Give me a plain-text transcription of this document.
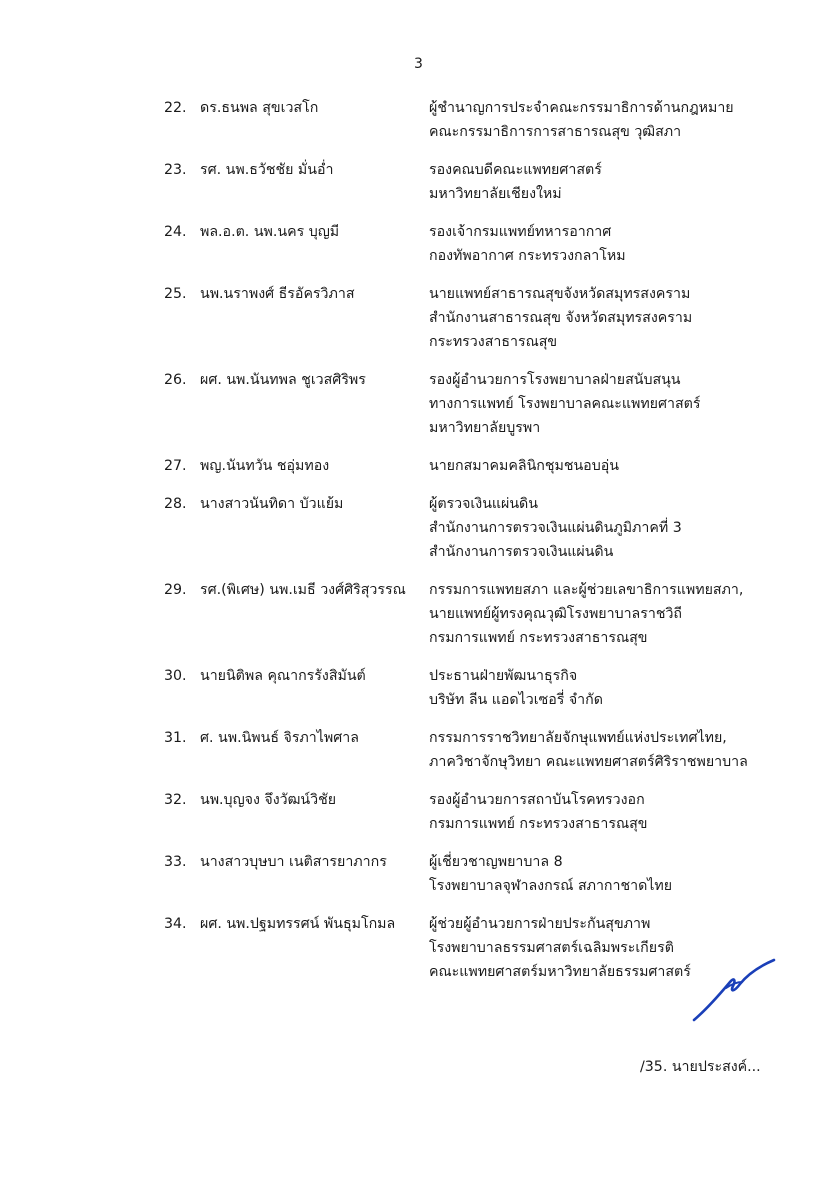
3
22. ดร.ธนพล สุขเวสโก	ผู้ชำนาญการประจำคณะกรรมาธิการด้านกฎหมาย
คณะกรรมาธิการการสาธารณสุข วุฒิสภา
23. รศ. นพ.ธวัชชัย มั่นอ่ำ	รองคณบดีคณะแพทยศาสตร์
มหาวิทยาลัยเชียงใหม่
24. พล.อ.ต. นพ.นคร บุญมี	รองเจ้ากรมแพทย์ทหารอากาศ
กองทัพอากาศ กระทรวงกลาโหม
25. นพ.นราพงศ์ ธีรอัครวิภาส	นายแพทย์สาธารณสุขจังหวัดสมุทรสงคราม
สำนักงานสาธารณสุข จังหวัดสมุทรสงคราม
กระทรวงสาธารณสุข
26. ผศ. นพ.นันทพล ชูเวสศิริพร	รองผู้อำนวยการโรงพยาบาลฝ่ายสนับสนุน
ทางการแพทย์ โรงพยาบาลคณะแพทยศาสตร์
มหาวิทยาลัยบูรพา
27. พญ.นันทวัน ชอุ่มทอง	นายกสมาคมคลินิกชุมชนอบอุ่น
28. นางสาวนันทิดา บัวแย้ม	ผู้ตรวจเงินแผ่นดิน
สำนักงานการตรวจเงินแผ่นดินภูมิภาคที่ 3
สำนักงานการตรวจเงินแผ่นดิน
29. รศ.(พิเศษ) นพ.เมธี วงศ์ศิริสุวรรณ	กรรมการแพทยสภา และผู้ช่วยเลขาธิการแพทยสภา,
นายแพทย์ผู้ทรงคุณวุฒิโรงพยาบาลราชวิถี
กรมการแพทย์ กระทรวงสาธารณสุข
30. นายนิติพล คุณากรรังสิมันต์	ประธานฝ่ายพัฒนาธุรกิจ
บริษัท ลีน แอดไวเซอรี่ จำกัด
31. ศ. นพ.นิพนธ์ จิรภาไพศาล	กรรมการราชวิทยาลัยจักษุแพทย์แห่งประเทศไทย,
ภาควิชาจักษุวิทยา คณะแพทยศาสตร์ศิริราชพยาบาล
32. นพ.บุญจง จึงวัฒน์วิชัย	รองผู้อำนวยการสถาบันโรคทรวงอก
กรมการแพทย์ กระทรวงสาธารณสุข
33. นางสาวบุษบา เนติสารยาภากร	ผู้เชี่ยวชาญพยาบาล 8
โรงพยาบาลจุฬาลงกรณ์ สภากาชาดไทย
34. ผศ. นพ.ปฐมทรรศน์ พันธุมโกมล	ผู้ช่วยผู้อำนวยการฝ่ายประกันสุขภาพ
โรงพยาบาลธรรมศาสตร์เฉลิมพระเกียรติ
คณะแพทยศาสตร์มหาวิทยาลัยธรรมศาสตร์
/35. นายประสงค์...
